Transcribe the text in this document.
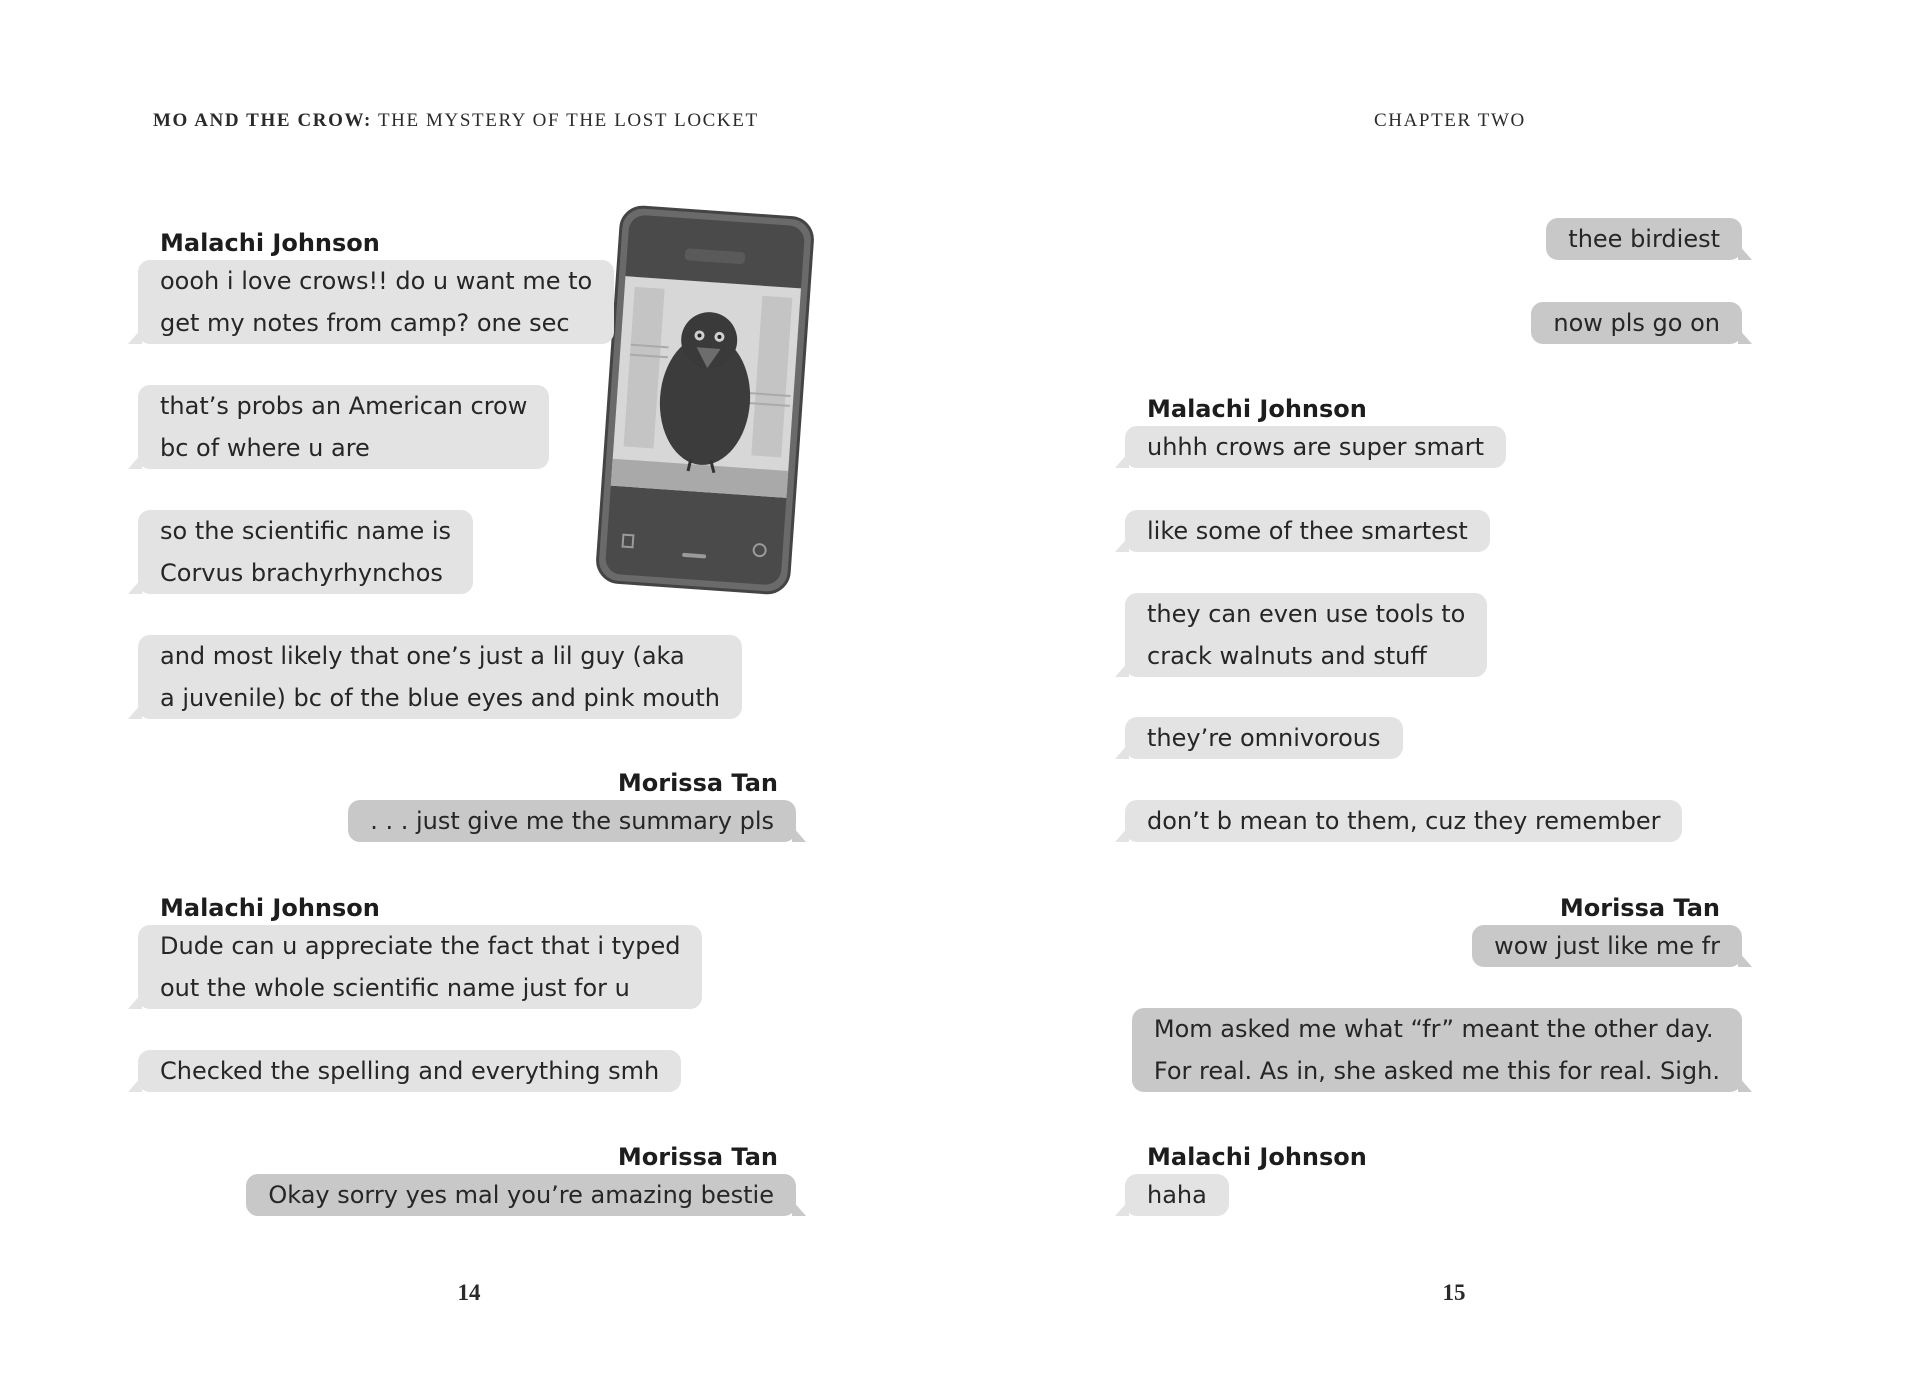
MO AND THE CROW: THE MYSTERY OF THE LOST LOCKET
Malachi Johnson
oooh i love crows!! do u want me to
get my notes from camp? one sec
that’s probs an American crow
bc of where u are
so the scientific name is
Corvus brachyrhynchos
and most likely that one’s just a lil guy (aka
a juvenile) bc of the blue eyes and pink mouth
Morissa Tan
. . . just give me the summary pls
Malachi Johnson
Dude can u appreciate the fact that i typed
out the whole scientific name just for u
Checked the spelling and everything smh
Morissa Tan
Okay sorry yes mal you’re amazing bestie
14
CHAPTER TWO
thee birdiest
now pls go on
Malachi Johnson
uhhh crows are super smart
like some of thee smartest
they can even use tools to
crack walnuts and stuff
they’re omnivorous
don’t b mean to them, cuz they remember
Morissa Tan
wow just like me fr
Mom asked me what “fr” meant the other day.
For real. As in, she asked me this for real. Sigh.
Malachi Johnson
haha
15
